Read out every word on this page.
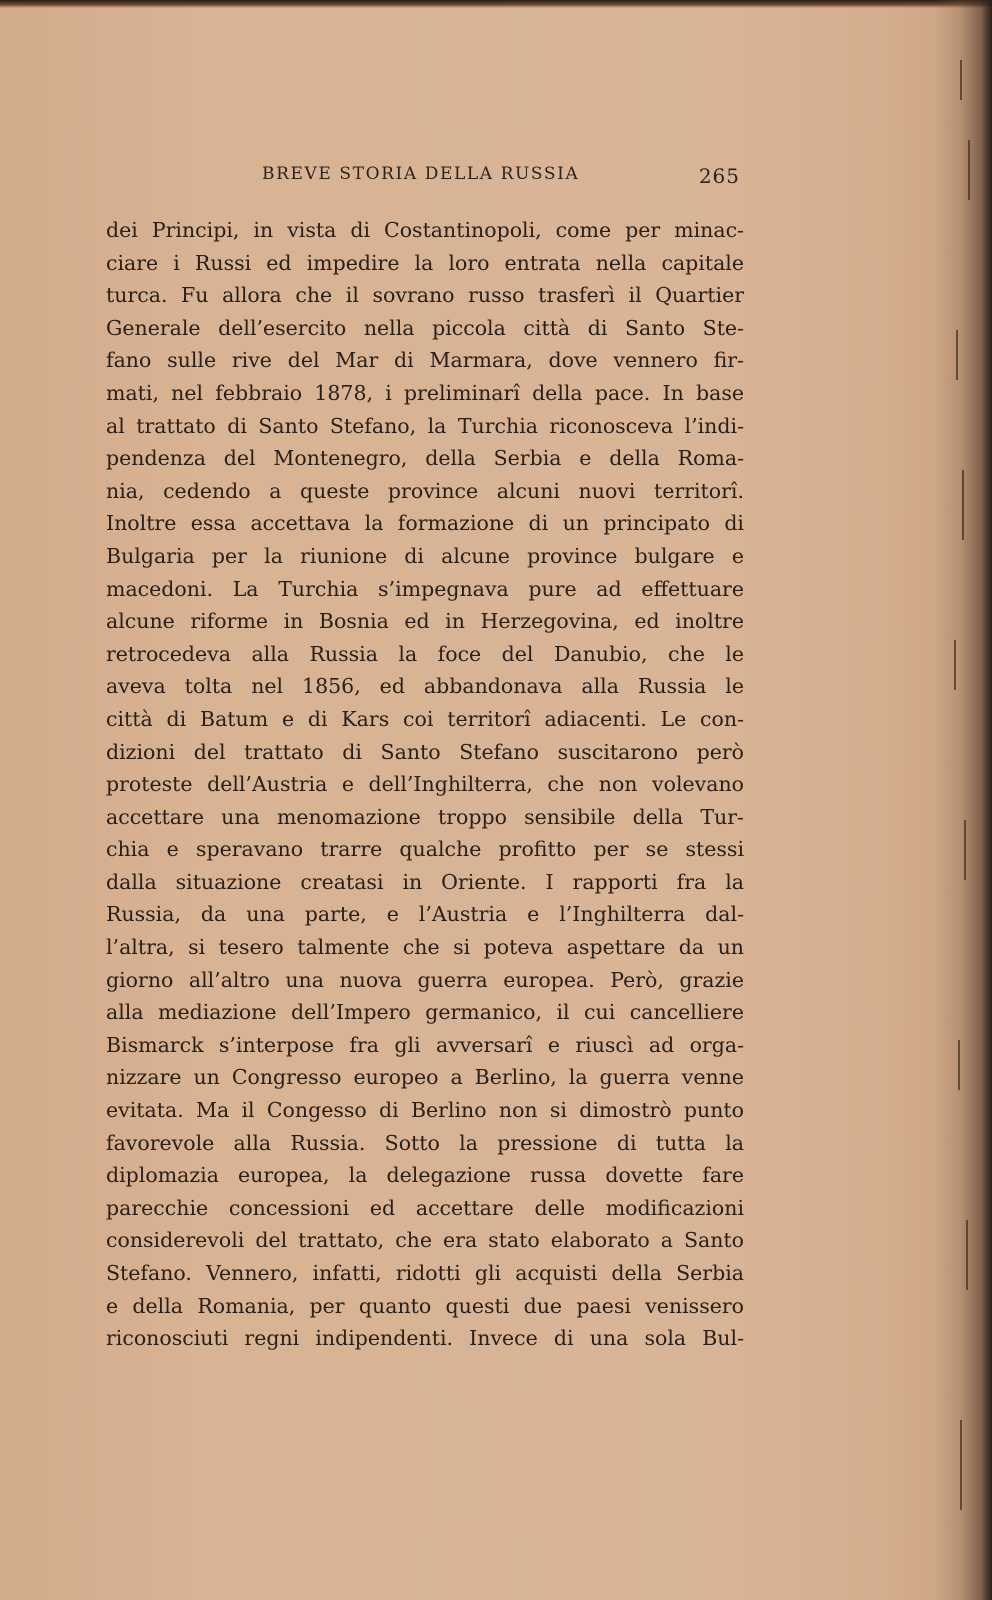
BREVE STORIA DELLA RUSSIA	265
dei Principi, in vista di Costantinopoli, come per minac-
ciare i Russi ed impedire la loro entrata nella capitale
turca. Fu allora che il sovrano russo trasferì il Quartier
Generale dell’esercito nella piccola città di Santo Ste-
fano sulle rive del Mar di Marmara, dove vennero fir-
mati, nel febbraio 1878, i preliminarî della pace. In base
al trattato di Santo Stefano, la Turchia riconosceva l’indi-
pendenza del Montenegro, della Serbia e della Roma-
nia, cedendo a queste province alcuni nuovi territorî.
Inoltre essa accettava la formazione di un principato di
Bulgaria per la riunione di alcune province bulgare e
macedoni. La Turchia s’impegnava pure ad effettuare
alcune riforme in Bosnia ed in Herzegovina, ed inoltre
retrocedeva alla Russia la foce del Danubio, che le
aveva tolta nel 1856, ed abbandonava alla Russia le
città di Batum e di Kars coi territorî adiacenti. Le con-
dizioni del trattato di Santo Stefano suscitarono però
proteste dell’Austria e dell’Inghilterra, che non volevano
accettare una menomazione troppo sensibile della Tur-
chia e speravano trarre qualche profitto per se stessi
dalla situazione creatasi in Oriente. I rapporti fra la
Russia, da una parte, e l’Austria e l’Inghilterra dal-
l’altra, si tesero talmente che si poteva aspettare da un
giorno all’altro una nuova guerra europea. Però, grazie
alla mediazione dell’Impero germanico, il cui cancelliere
Bismarck s’interpose fra gli avversarî e riuscì ad orga-
nizzare un Congresso europeo a Berlino, la guerra venne
evitata. Ma il Congesso di Berlino non si dimostrò punto
favorevole alla Russia. Sotto la pressione di tutta la
diplomazia europea, la delegazione russa dovette fare
parecchie concessioni ed accettare delle modificazioni
considerevoli del trattato, che era stato elaborato a Santo
Stefano. Vennero, infatti, ridotti gli acquisti della Serbia
e della Romania, per quanto questi due paesi venissero
riconosciuti regni indipendenti. Invece di una sola Bul-
